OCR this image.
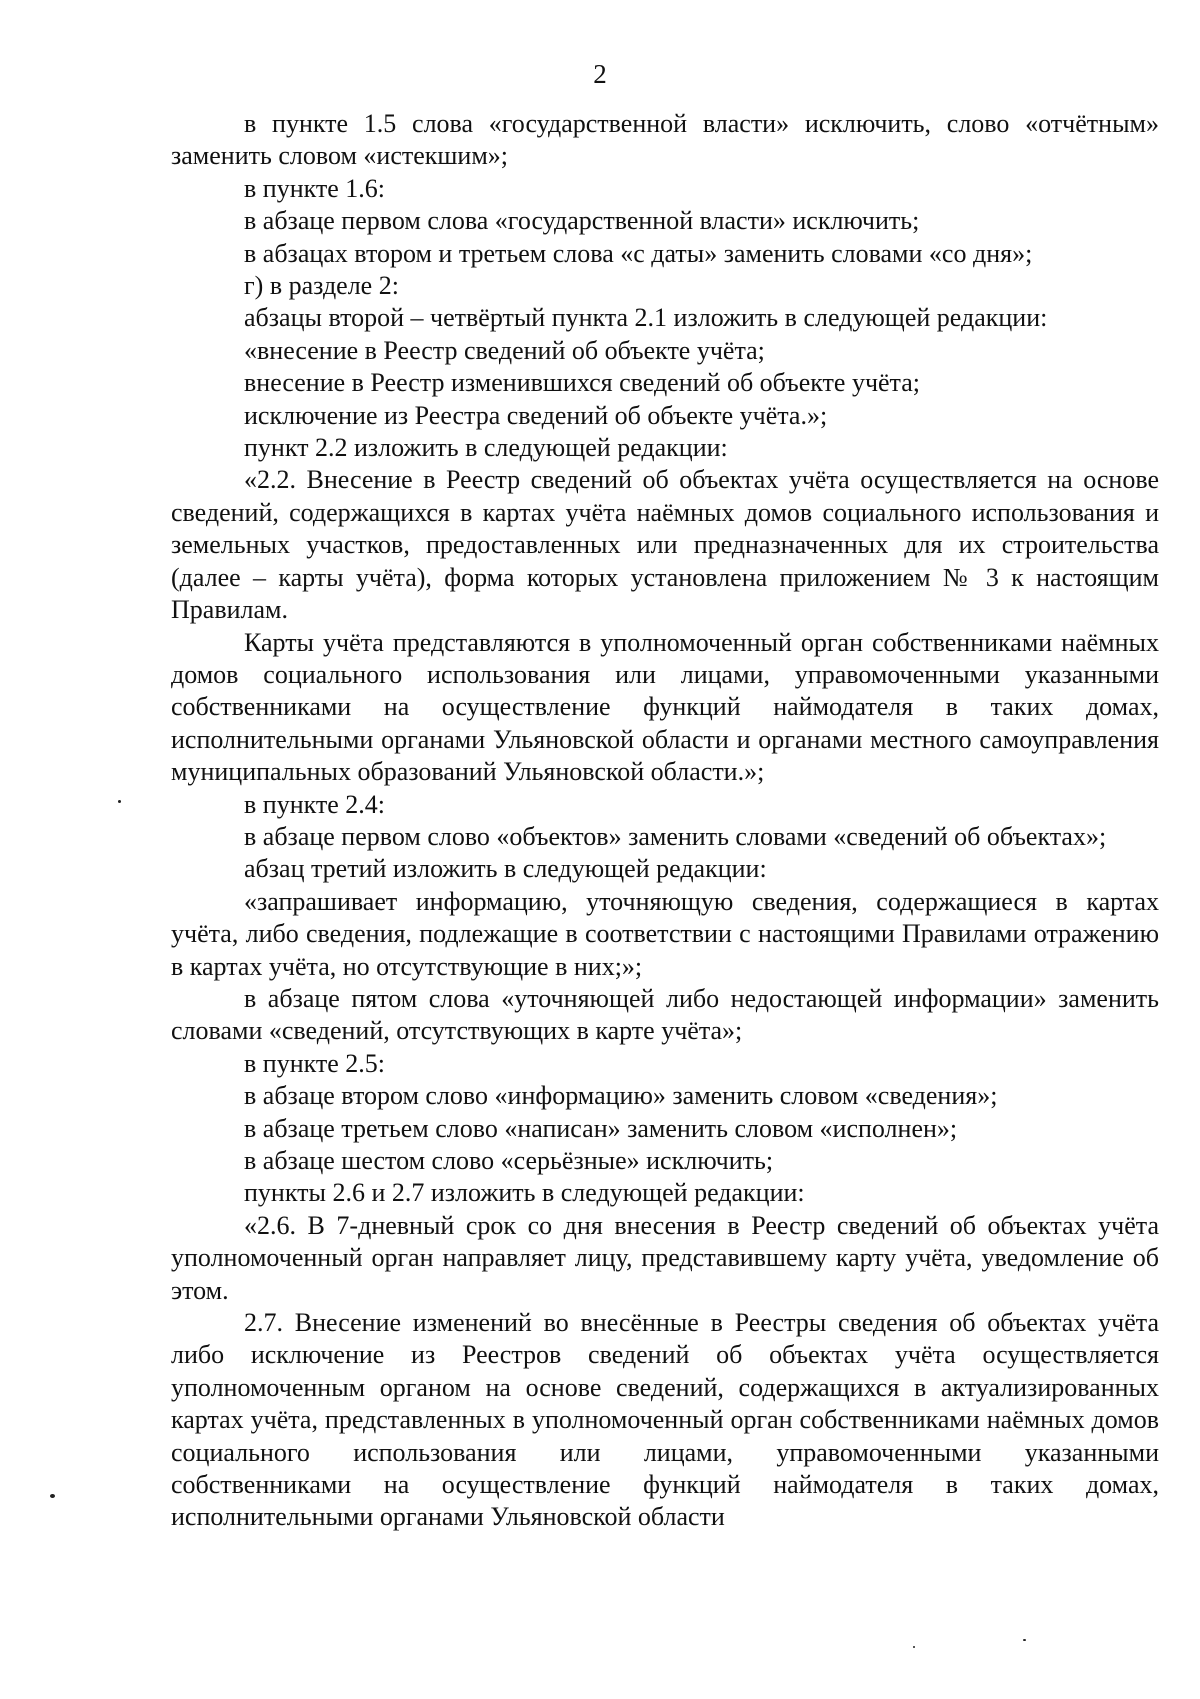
2

в пункте 1.5 слова «государственной власти» исключить, слово «отчётным» заменить словом «истекшим»;

в пункте 1.6:

в абзаце первом слова «государственной власти» исключить;

в абзацах втором и третьем слова «с даты» заменить словами «со дня»;

г) в разделе 2:

абзацы второй – четвёртый пункта 2.1 изложить в следующей редакции:

«внесение в Реестр сведений об объекте учёта;

внесение в Реестр изменившихся сведений об объекте учёта;

исключение из Реестра сведений об объекте учёта.»;

пункт 2.2 изложить в следующей редакции:

«2.2. Внесение в Реестр сведений об объектах учёта осуществляется на основе сведений, содержащихся в картах учёта наёмных домов социального использования и земельных участков, предоставленных или предназначенных для их строительства (далее – карты учёта), форма которых установлена приложением № 3 к настоящим Правилам.

Карты учёта представляются в уполномоченный орган собственниками наёмных домов социального использования или лицами, управомоченными указанными собственниками на осуществление функций наймодателя в таких домах, исполнительными органами Ульяновской области и органами местного самоуправления муниципальных образований Ульяновской области.»;

в пункте 2.4:

в абзаце первом слово «объектов» заменить словами «сведений об объектах»;

абзац третий изложить в следующей редакции:

«запрашивает информацию, уточняющую сведения, содержащиеся в картах учёта, либо сведения, подлежащие в соответствии с настоящими Правилами отражению в картах учёта, но отсутствующие в них;»;

в абзаце пятом слова «уточняющей либо недостающей информации» заменить словами «сведений, отсутствующих в карте учёта»;

в пункте 2.5:

в абзаце втором слово «информацию» заменить словом «сведения»;

в абзаце третьем слово «написан» заменить словом «исполнен»;

в абзаце шестом слово «серьёзные» исключить;

пункты 2.6 и 2.7 изложить в следующей редакции:

«2.6. В 7-дневный срок со дня внесения в Реестр сведений об объектах учёта уполномоченный орган направляет лицу, представившему карту учёта, уведомление об этом.

2.7. Внесение изменений во внесённые в Реестры сведения об объектах учёта либо исключение из Реестров сведений об объектах учёта осуществляется уполномоченным органом на основе сведений, содержащихся в актуализированных картах учёта, представленных в уполномоченный орган собственниками наёмных домов социального использования или лицами, управомоченными указанными собственниками на осуществление функций наймодателя в таких домах, исполнительными органами Ульяновской области
